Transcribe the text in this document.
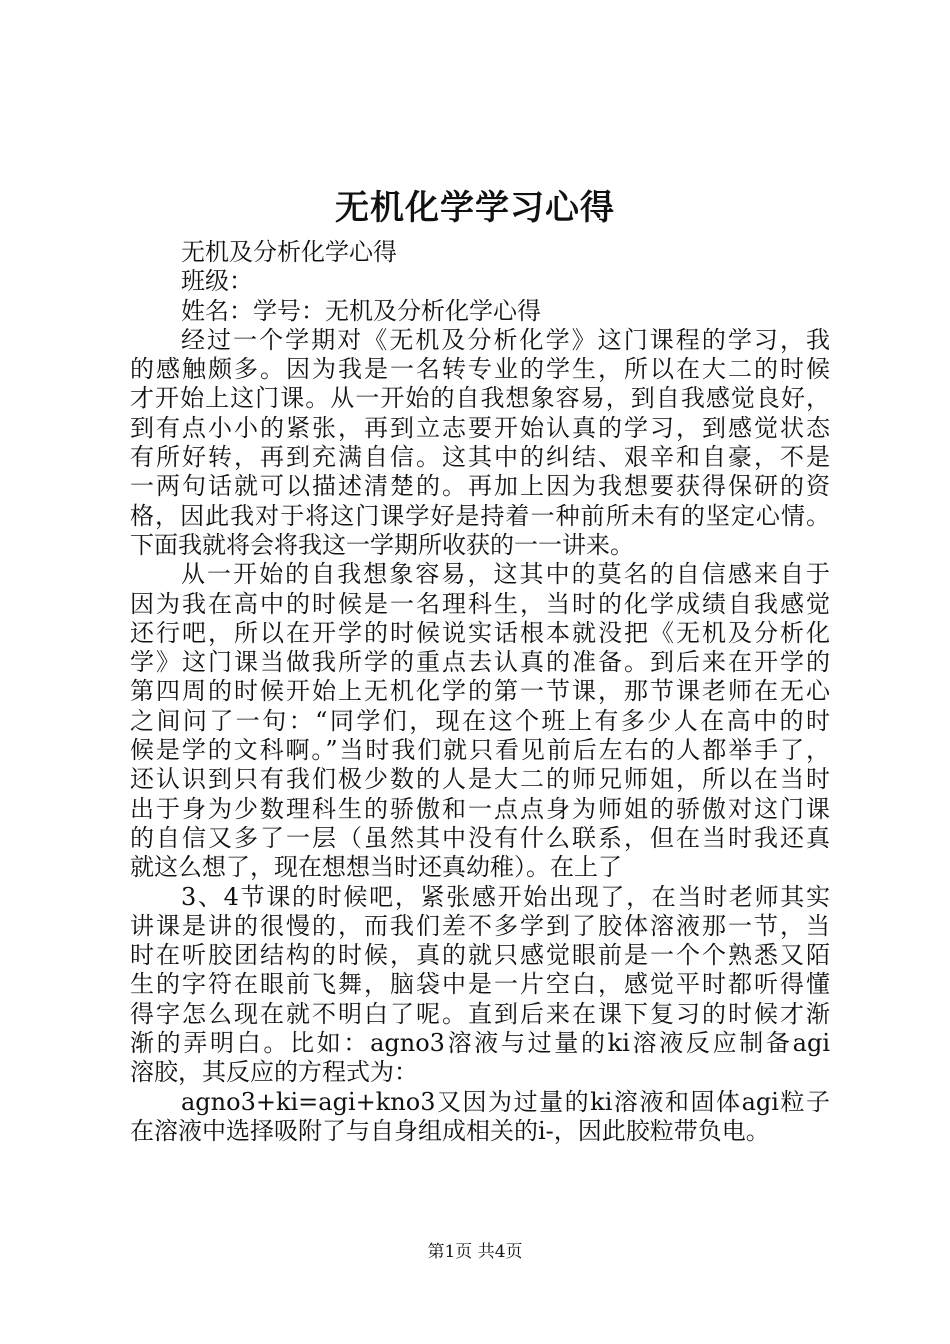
无机化学学习心得
无机及分析化学心得
班级：
姓名：学号：无机及分析化学心得
经过一个学期对《无机及分析化学》这门课程的学习，我
的感触颇多。因为我是一名转专业的学生，所以在大二的时候
才开始上这门课。从一开始的自我想象容易，到自我感觉良好，
到有点小小的紧张，再到立志要开始认真的学习，到感觉状态
有所好转，再到充满自信。这其中的纠结、艰辛和自豪，不是
一两句话就可以描述清楚的。再加上因为我想要获得保研的资
格，因此我对于将这门课学好是持着一种前所未有的坚定心情。
下面我就将会将我这一学期所收获的一一讲来。
从一开始的自我想象容易，这其中的莫名的自信感来自于
因为我在高中的时候是一名理科生，当时的化学成绩自我感觉
还行吧，所以在开学的时候说实话根本就没把《无机及分析化
学》这门课当做我所学的重点去认真的准备。到后来在开学的
第四周的时候开始上无机化学的第一节课，那节课老师在无心
之间问了一句：“同学们，现在这个班上有多少人在高中的时
候是学的文科啊。”当时我们就只看见前后左右的人都举手了，
还认识到只有我们极少数的人是大二的师兄师姐，所以在当时
出于身为少数理科生的骄傲和一点点身为师姐的骄傲对这门课
的自信又多了一层（虽然其中没有什么联系，但在当时我还真
就这么想了，现在想想当时还真幼稚）。在上了
3、4节课的时候吧，紧张感开始出现了，在当时老师其实
讲课是讲的很慢的，而我们差不多学到了胶体溶液那一节，当
时在听胶团结构的时候，真的就只感觉眼前是一个个熟悉又陌
生的字符在眼前飞舞，脑袋中是一片空白，感觉平时都听得懂
得字怎么现在就不明白了呢。直到后来在课下复习的时候才渐
渐的弄明白。比如：agno3溶液与过量的ki溶液反应制备agi
溶胶，其反应的方程式为：
agno3+ki=agi+kno3又因为过量的ki溶液和固体agi粒子
在溶液中选择吸附了与自身组成相关的i-，因此胶粒带负电。
第1页 共4页
